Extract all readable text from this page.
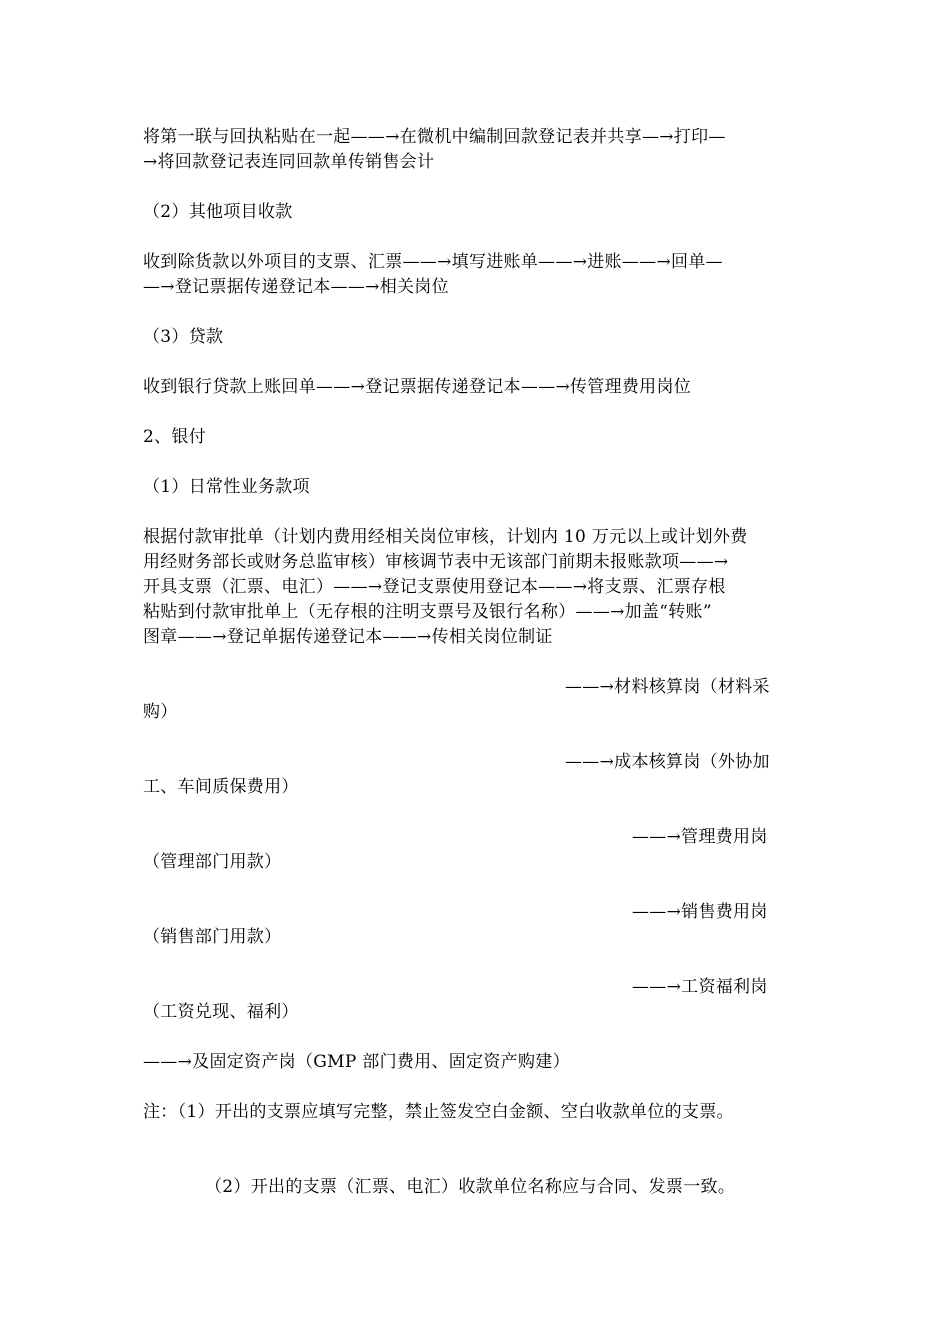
将第一联与回执粘贴在一起——→在微机中编制回款登记表并共享—→打印—
→将回款登记表连同回款单传销售会计
（2）其他项目收款
收到除货款以外项目的支票、汇票——→填写进账单——→进账——→回单—
—→登记票据传递登记本——→相关岗位
（3）贷款
收到银行贷款上账回单——→登记票据传递登记本——→传管理费用岗位
2、银付
（1）日常性业务款项
根据付款审批单（计划内费用经相关岗位审核，计划内 10 万元以上或计划外费
用经财务部长或财务总监审核）审核调节表中无该部门前期未报账款项——→
开具支票（汇票、电汇）——→登记支票使用登记本——→将支票、汇票存根
粘贴到付款审批单上（无存根的注明支票号及银行名称）——→加盖“转账”
图章——→登记单据传递登记本——→传相关岗位制证
——→材料核算岗（材料采
购）
——→成本核算岗（外协加
工、车间质保费用）
——→管理费用岗
（管理部门用款）
——→销售费用岗
（销售部门用款）
——→工资福利岗
（工资兑现、福利）
——→及固定资产岗（GMP 部门费用、固定资产购建）
注：（1）开出的支票应填写完整，禁止签发空白金额、空白收款单位的支票。
（2）开出的支票（汇票、电汇）收款单位名称应与合同、发票一致。
